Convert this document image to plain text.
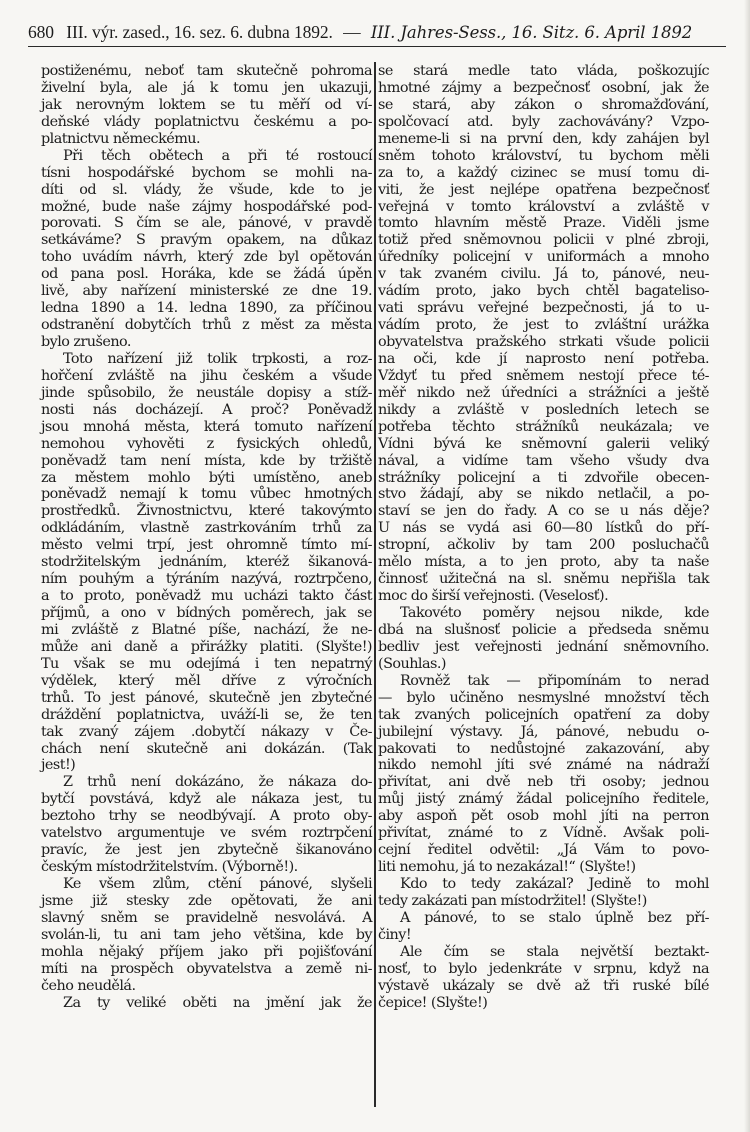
680 III. výr. zased., 16. sez. 6. dubna 1892. — III. Jahres-Sess., 16. Sitz. 6. April 1892
postiženému, neboť tam skutečně pohroma
živelní byla, ale já k tomu jen ukazuji,
jak nerovným loktem se tu měří od ví-
deňské vlády poplatnictvu českému a po-
platnictvu německému.
Při těch obětech a při té rostoucí
tísni hospodářské bychom se mohli na-
díti od sl. vlády, že všude, kde to je
možné, bude naše zájmy hospodářské pod-
porovati. S čím se ale, pánové, v pravdě
setkáváme? S pravým opakem, na důkaz
toho uvádím návrh, který zde byl opětován
od pana posl. Horáka, kde se žádá úpěn
livě, aby nařízení ministerské ze dne 19.
ledna 1890 a 14. ledna 1890, za příčinou
odstranění dobytčích trhů z měst za města
bylo zrušeno.
Toto nařízení již tolik trpkosti, a roz-
hořčení zvláště na jihu českém a všude
jinde spůsobilo, že neustále dopisy a stíž-
nosti nás docházejí. A proč? Poněvadž
jsou mnohá města, která tomuto nařízení
nemohou vyhověti z fysických ohledů,
poněvadž tam není místa, kde by tržiště
za městem mohlo býti umístěno, aneb
poněvadž nemají k tomu vůbec hmotných
prostředků. Živnostnictvu, které takovýmto
odkládáním, vlastně zastrkováním trhů za
město velmi trpí, jest ohromně tímto mí-
stodržitelským jednáním, kteréž šikanová-
ním pouhým a týráním nazývá, roztrpčeno,
a to proto, poněvadž mu ucházi takto část
příjmů, a ono v bídných poměrech, jak se
mi zvláště z Blatné píše, nachází, že ne-
může ani daně a přirážky platiti. (Slyšte!)
Tu však se mu odejímá i ten nepatrný
výdělek, který měl dříve z výročních
trhů. To jest pánové, skutečně jen zbytečné
dráždění poplatnictva, uváží-li se, že ten
tak zvaný zájem .dobytčí nákazy v Če-
chách není skutečně ani dokázán. (Tak
jest!)
Z trhů není dokázáno, že nákaza do-
bytčí povstává, když ale nákaza jest, tu
beztoho trhy se neodbývají. A proto oby-
vatelstvo argumentuje ve svém roztrpčení
pravíc, že jest jen zbytečně šikanováno
českým místodržitelstvím. (Výborně!).
Ke všem zlům, ctění pánové, slyšeli
jsme již stesky zde opětovati, že ani
slavný sněm se pravidelně nesvolává. A
svolán-li, tu ani tam jeho většina, kde by
mohla nějaký příjem jako při pojišťování
míti na prospěch obyvatelstva a země ni-
čeho neudělá.
Za ty veliké oběti na jmění jak že
se stará medle tato vláda, poškozujíc
hmotné zájmy a bezpečnosť osobní, jak že
se stará, aby zákon o shromažďování,
spolčovací atd. byly zachovávány? Vzpo-
meneme-li si na první den, kdy zahájen byl
sněm tohoto království, tu bychom měli
za to, a každý cizinec se musí tomu di-
viti, že jest nejlépe opatřena bezpečnosť
veřejná v tomto království a zvláště v
tomto hlavním městě Praze. Viděli jsme
totiž před sněmovnou policii v plné zbroji,
úředníky policejní v uniformách a mnoho
v tak zvaném civilu. Já to, pánové, neu-
vádím proto, jako bych chtěl bagateliso-
vati správu veřejné bezpečnosti, já to u-
vádím proto, že jest to zvláštní urážka
obyvatelstva pražského strkati všude policii
na oči, kde jí naprosto není potřeba.
Vždyť tu před sněmem nestojí přece té-
měř nikdo než úředníci a strážníci a ještě
nikdy a zvláště v posledních letech se
potřeba těchto strážníků neukázala; ve
Vídni bývá ke sněmovní galerii veliký
nával, a vidíme tam všeho všudy dva
strážníky policejní a ti zdvořile obecen-
stvo žádají, aby se nikdo netlačil, a po-
staví se jen do řady. A co se u nás děje?
U nás se vydá asi 60—80 lístků do pří-
stropní, ačkoliv by tam 200 posluchačů
mělo místa, a to jen proto, aby ta naše
činnosť užitečná na sl. sněmu nepřišla tak
moc do širší veřejnosti. (Veselosť).
Takovéto poměry nejsou nikde, kde
dbá na slušnosť policie a předseda sněmu
bedliv jest veřejnosti jednání sněmovního.
(Souhlas.)
Rovněž tak — připomínám to nerad
— bylo učiněno nesmyslné množství těch
tak zvaných policejních opatření za doby
jubilejní výstavy. Já, pánové, nebudu o-
pakovati to nedůstojné zakazování, aby
nikdo nemohl jíti své známé na nádraží
přivítat, ani dvě neb tři osoby; jednou
můj jistý známý žádal policejního ředitele,
aby aspoň pět osob mohl jíti na perron
přivítat, známé to z Vídně. Avšak poli-
cejní ředitel odvětil: „Já Vám to povo-
liti nemohu, já to nezakázal!“ (Slyšte!)
Kdo to tedy zakázal? Jedině to mohl
tedy zakázati pan místodržitel! (Slyšte!)
A pánové, to se stalo úplně bez pří-
činy!
Ale čím se stala největší beztakt-
nosť, to bylo jedenkráte v srpnu, když na
výstavě ukázaly se dvě až tři ruské bílé
čepice! (Slyšte!)
